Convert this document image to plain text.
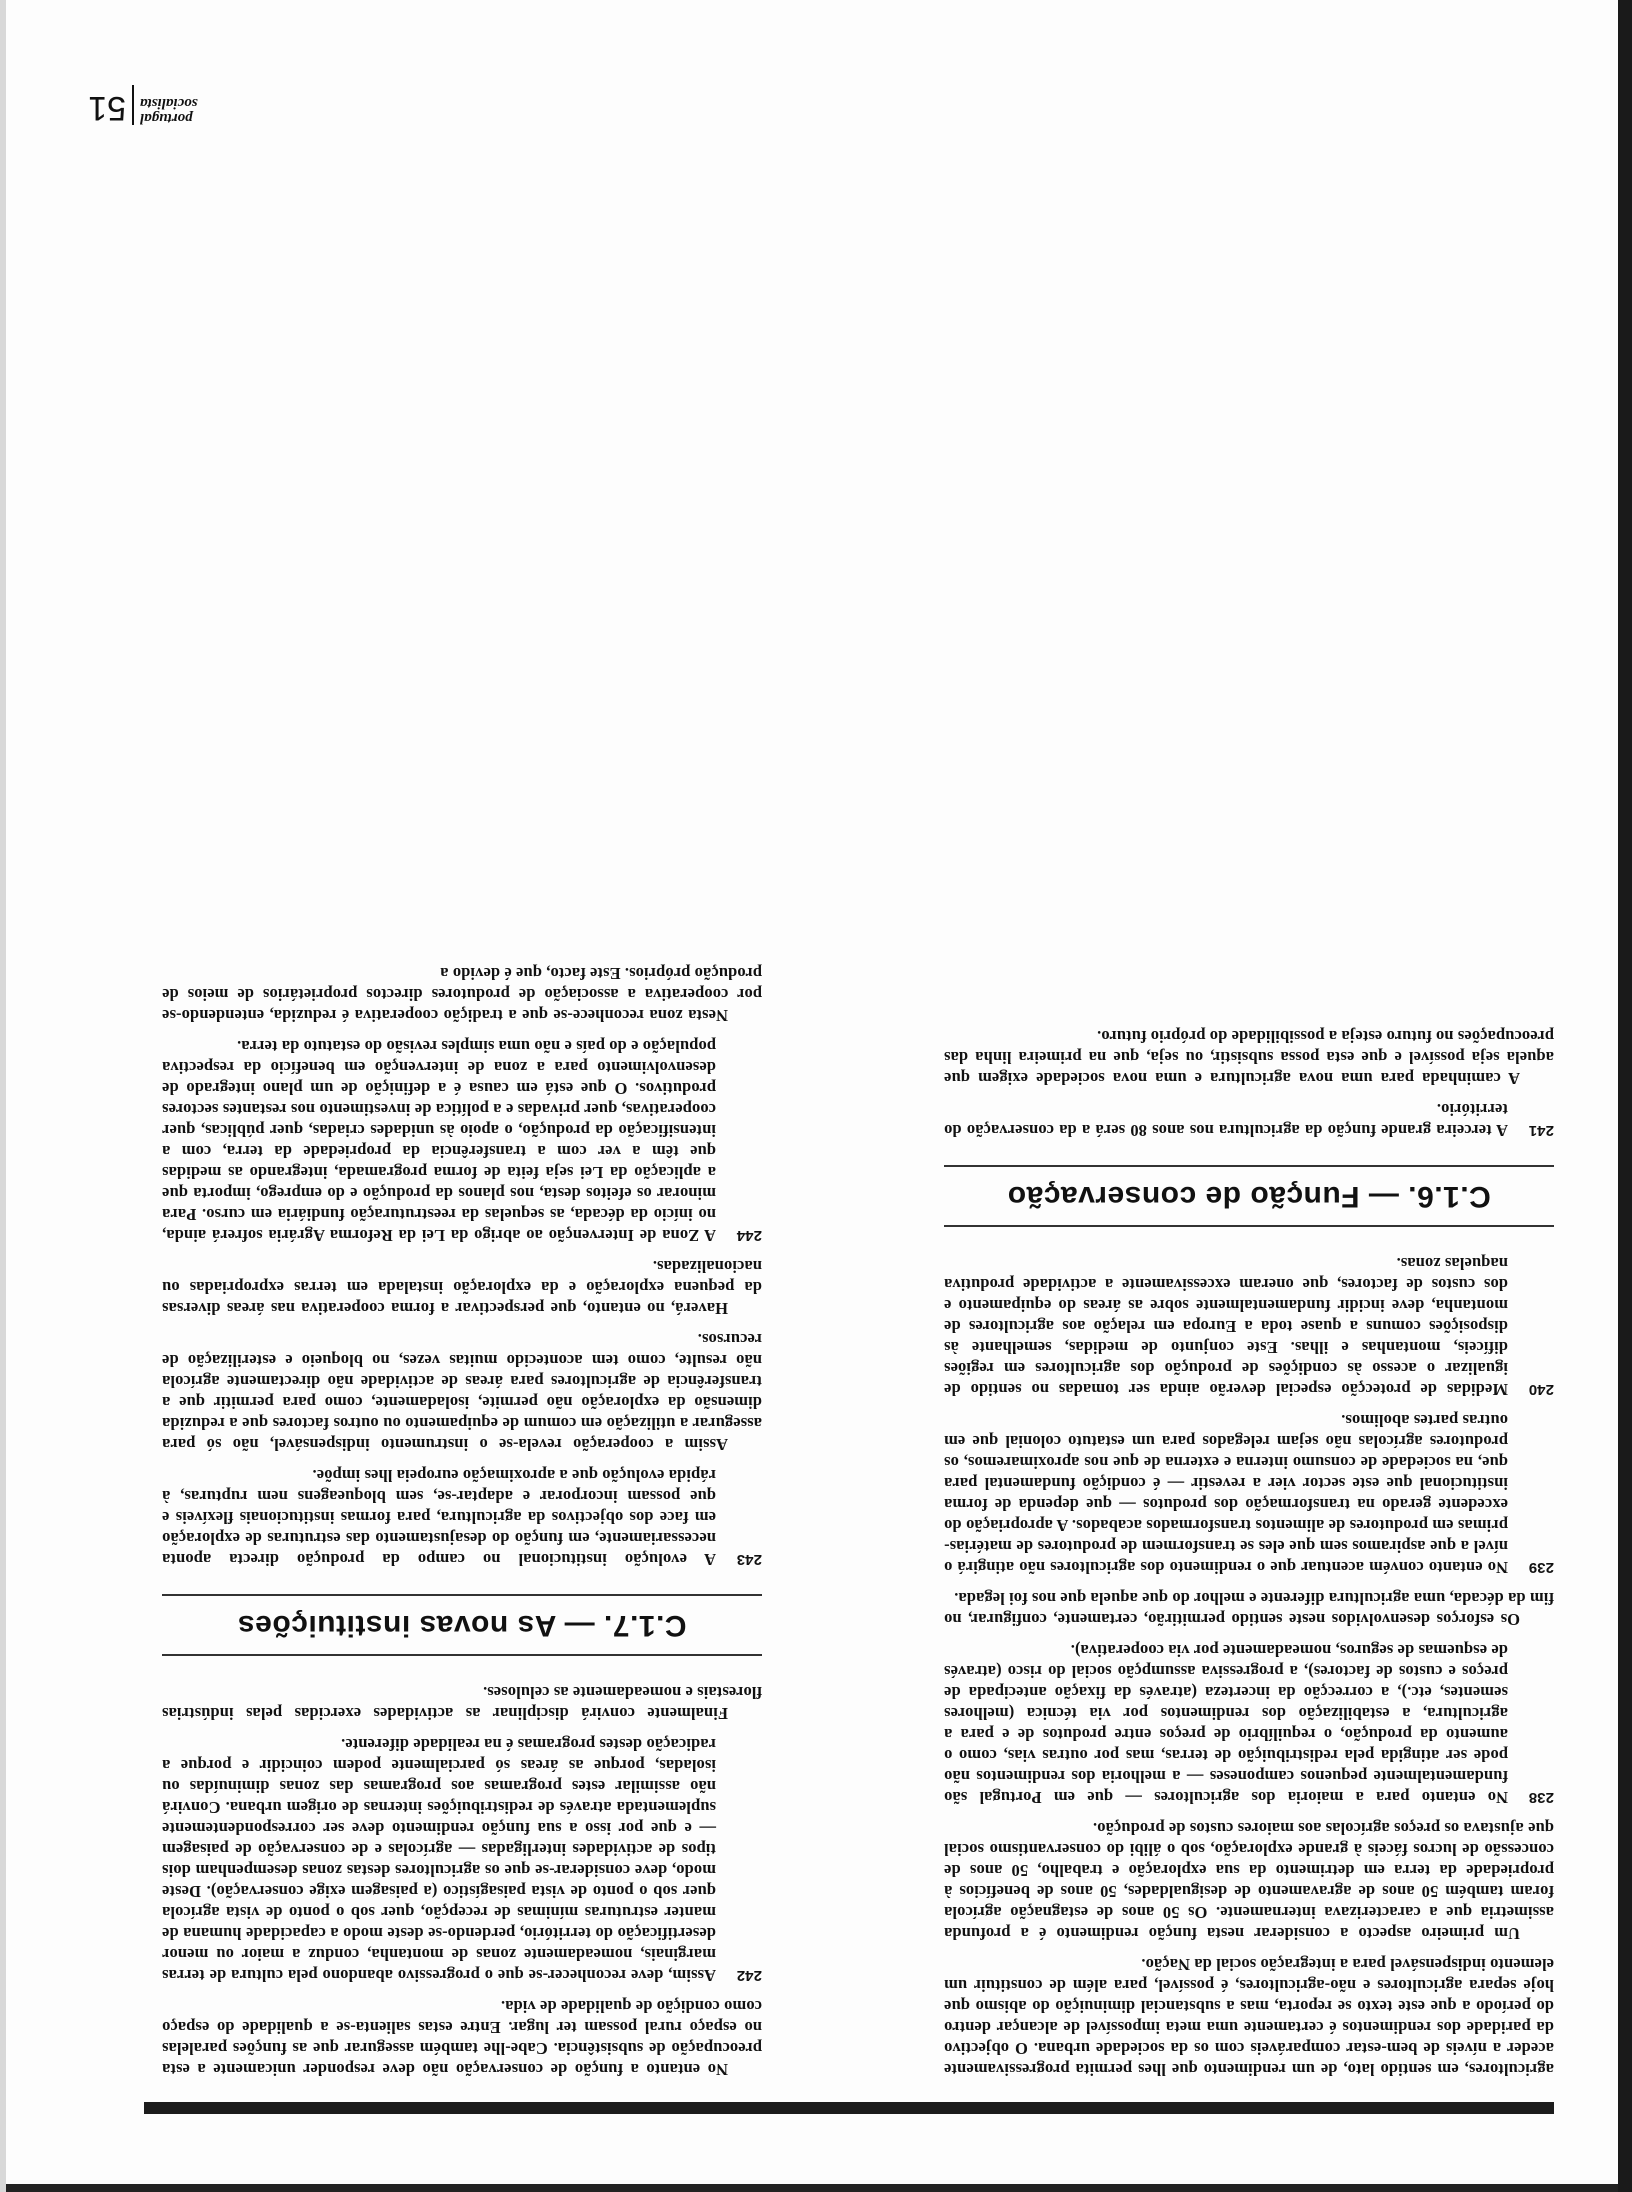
agricultores, em sentido lato, de um rendimento que lhes permita progressivamente aceder a níveis de bem-estar comparáveis com os da sociedade urbana. O objectivo da paridade dos rendimentos é certamente uma meta impossível de alcançar dentro do período a que este texto se reporta, mas a substancial diminuição do abismo que hoje separa agricultores e não-agricultores, é possível, para além de constituir um elemento indispensável para a integração social da Nação.

Um primeiro aspecto a considerar nesta função rendimento é a profunda assimetria que a caracterizava internamente. Os 50 anos de estagnação agrícola foram também 50 anos de agravamento de desigualdades, 50 anos de benefícios à propriedade da terra em detrimento da sua exploração e trabalho, 50 anos de concessão de lucros fáceis à grande exploração, sob o álibi do conservantismo social que ajustava os preços agrícolas aos maiores custos de produção.

238
No entanto para a maioria dos agricultores — que em Portugal são fundamentalmente pequenos camponeses — a melhoria dos rendimentos não pode ser atingida pela redistribuição de terras, mas por outras vias, como o aumento da produção, o requilíbrio de preços entre produtos de e para a agricultura, a estabilização dos rendimentos por via técnica (melhores sementes, etc.), a correcção da incerteza (através da fixação antecipada de preços e custos de factores), a progressiva assumpção social do risco (através de esquemas de seguros, nomeadamente por via cooperativa).

Os esforços desenvolvidos neste sentido permitirão, certamente, configurar, no fim da década, uma agricultura diferente e melhor do que aquela que nos foi legada.

239
No entanto convém acentuar que o rendimento dos agricultores não atingirá o nível a que aspiramos sem que eles se transformem de produtores de matérias-primas em produtores de alimentos transformados acabados. A apropriação do excedente gerado na transformação dos produtos — que dependa de forma institucional que este sector vier a revestir — é condição fundamental para que, na sociedade de consumo interna e externa de que nos aproximaremos, os produtores agrícolas não sejam relegados para um estatuto colonial que em outras partes abolimos.

240
Medidas de protecção especial deverão ainda ser tomadas no sentido de igualizar o acesso às condições de produção dos agricultores em regiões difíceis, montanhas e ilhas. Este conjunto de medidas, semelhante às disposições comuns a quase toda a Europa em relação aos agricultores de montanha, deve incidir fundamentalmente sobre as áreas do equipamento e dos custos de factores, que oneram excessivamente a actividade produtiva naquelas zonas.

C.1.6. — Função de conservação

241
A terceira grande função da agricultura nos anos 80 será a da conservação do território.

A caminhada para uma nova agricultura e uma nova sociedade exigem que aquela seja possível e que esta possa subsistir, ou seja, que na primeira linha das preocupações no futuro esteja a possibilidade do próprio futuro.

No entanto a função de conservação não deve responder unicamente a esta preocupação de subsistência. Cabe-lhe também assegurar que as funções paralelas no espaço rural possam ter lugar. Entre estas salienta-se a qualidade do espaço como condição de qualidade de vida.

242
Assim, deve reconhecer-se que o progressivo abandono pela cultura de terras marginais, nomeadamente zonas de montanha, conduz a maior ou menor desertificação do território, perdendo-se deste modo a capacidade humana de manter estruturas mínimas de recepção, quer sob o ponto de vista agrícola quer sob o ponto de vista paisagístico (a paisagem exige conservação). Deste modo, deve considerar-se que os agricultores destas zonas desempenham dois tipos de actividades interligadas — agrícolas e de conservação de paisagem — e que por isso a sua função rendimento deve ser correspondentemente suplementada através de redistribuições internas de origem urbana. Convirá não assimilar estes programas aos programas das zonas diminuídas ou isoladas, porque as áreas só parcialmente podem coincidir e porque a radicação destes programas é na realidade diferente.

Finalmente convirá disciplinar as actividades exercidas pelas indústrias florestais e nomeadamente as celuloses.

C.1.7. — As novas instituições

243
A evolução institucional no campo da produção directa aponta necessariamente, em função do desajustamento das estruturas de exploração em face dos objectivos da agricultura, para formas institucionais flexíveis e que possam incorporar e adaptar-se, sem bloqueagens nem rupturas, à rápida evolução que a aproximação europeia lhes impõe.

Assim a cooperação revela-se o instrumento indispensável, não só para assegurar a utilização em comum de equipamento ou outros factores que a reduzida dimensão da exploração não permite, isoladamente, como para permitir que a transferência de agricultores para áreas de actividade não directamente agrícola não resulte, como tem acontecido muitas vezes, no bloqueio e esterilização de recursos.

Haverá, no entanto, que perspectivar a forma cooperativa nas áreas diversas da pequena exploração e da exploração instalada em terras expropriadas ou nacionalizadas.

244
A Zona de Intervenção ao abrigo da Lei da Reforma Agrária sofrerá ainda, no início da década, as sequelas da reestruturação fundiária em curso. Para minorar os efeitos desta, nos planos da produção e do emprego, importa que a aplicação da Lei seja feita de forma programada, integrando as medidas que têm a ver com a transferência da propriedade da terra, com a intensificação da produção, o apoio às unidades criadas, quer públicas, quer cooperativas, quer privadas e a política de investimento nos restantes sectores produtivos. O que está em causa é a definição de um plano integrado de desenvolvimento para a zona de intervenção em benefício da respectiva população e do país e não uma simples revisão do estatuto da terra.

Nesta zona reconhece-se que a tradição cooperativa é reduzida, entendendo-se por cooperativa a associação de produtores directos proprietários de meios de produção próprios. Este facto, que é devido a

portugal
socialista
51
